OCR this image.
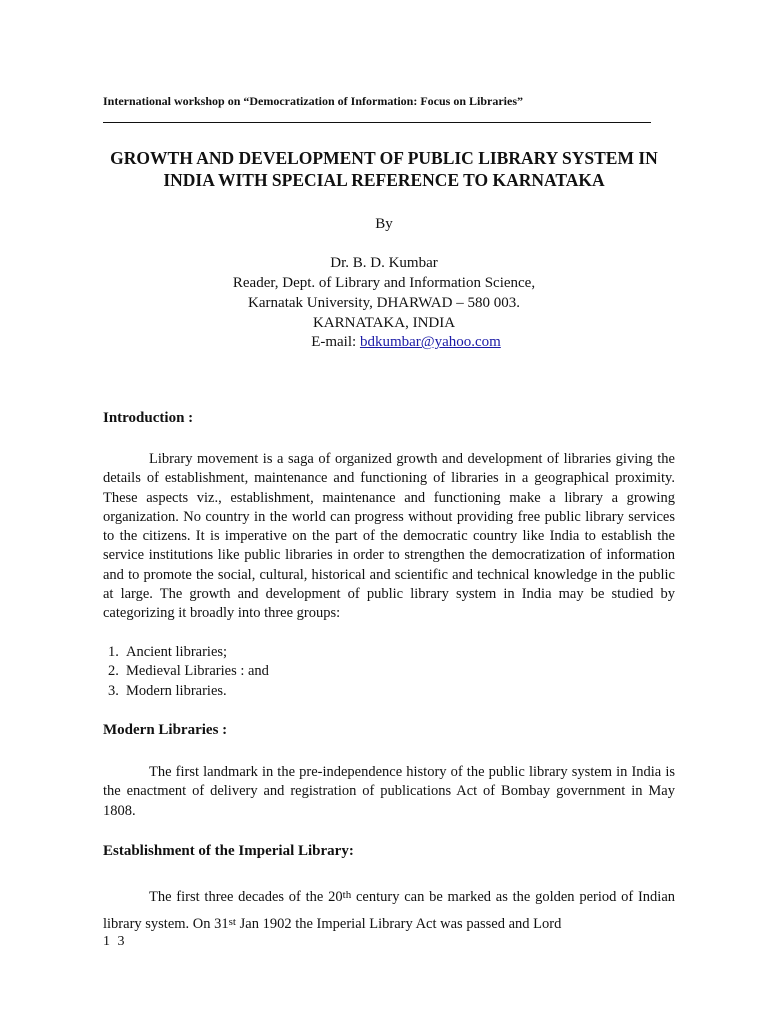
International workshop on “Democratization of Information: Focus on Libraries”
GROWTH AND DEVELOPMENT OF PUBLIC LIBRARY SYSTEM IN
INDIA WITH SPECIAL REFERENCE TO KARNATAKA
By
Dr. B. D. Kumbar
Reader, Dept. of Library and Information Science,
Karnatak University, DHARWAD – 580 003.
KARNATAKA, INDIA
E-mail: bdkumbar@yahoo.com
Introduction :

Library movement is a saga of organized growth and development of libraries giving the details of establishment, maintenance and functioning of libraries in a geographical proximity. These aspects viz., establishment, maintenance and functioning make a library a growing organization. No country in the world can progress without providing free public library services to the citizens. It is imperative on the part of the democratic country like India to establish the service institutions like public libraries in order to strengthen the democratization of information and to promote the social, cultural, historical and scientific and technical knowledge in the public at large. The growth and development of public library system in India may be studied by categorizing it broadly into three groups:

1. Ancient libraries;
2. Medieval Libraries : and
3. Modern libraries.
Modern Libraries :

The first landmark in the pre-independence history of the public library system in India is the enactment of delivery and registration of publications Act of Bombay government in May 1808.

Establishment of the Imperial Library:

The first three decades of the 20th century can be marked as the golden period of Indian library system. On 31st Jan 1902 the Imperial Library Act was passed and Lord

1 3
